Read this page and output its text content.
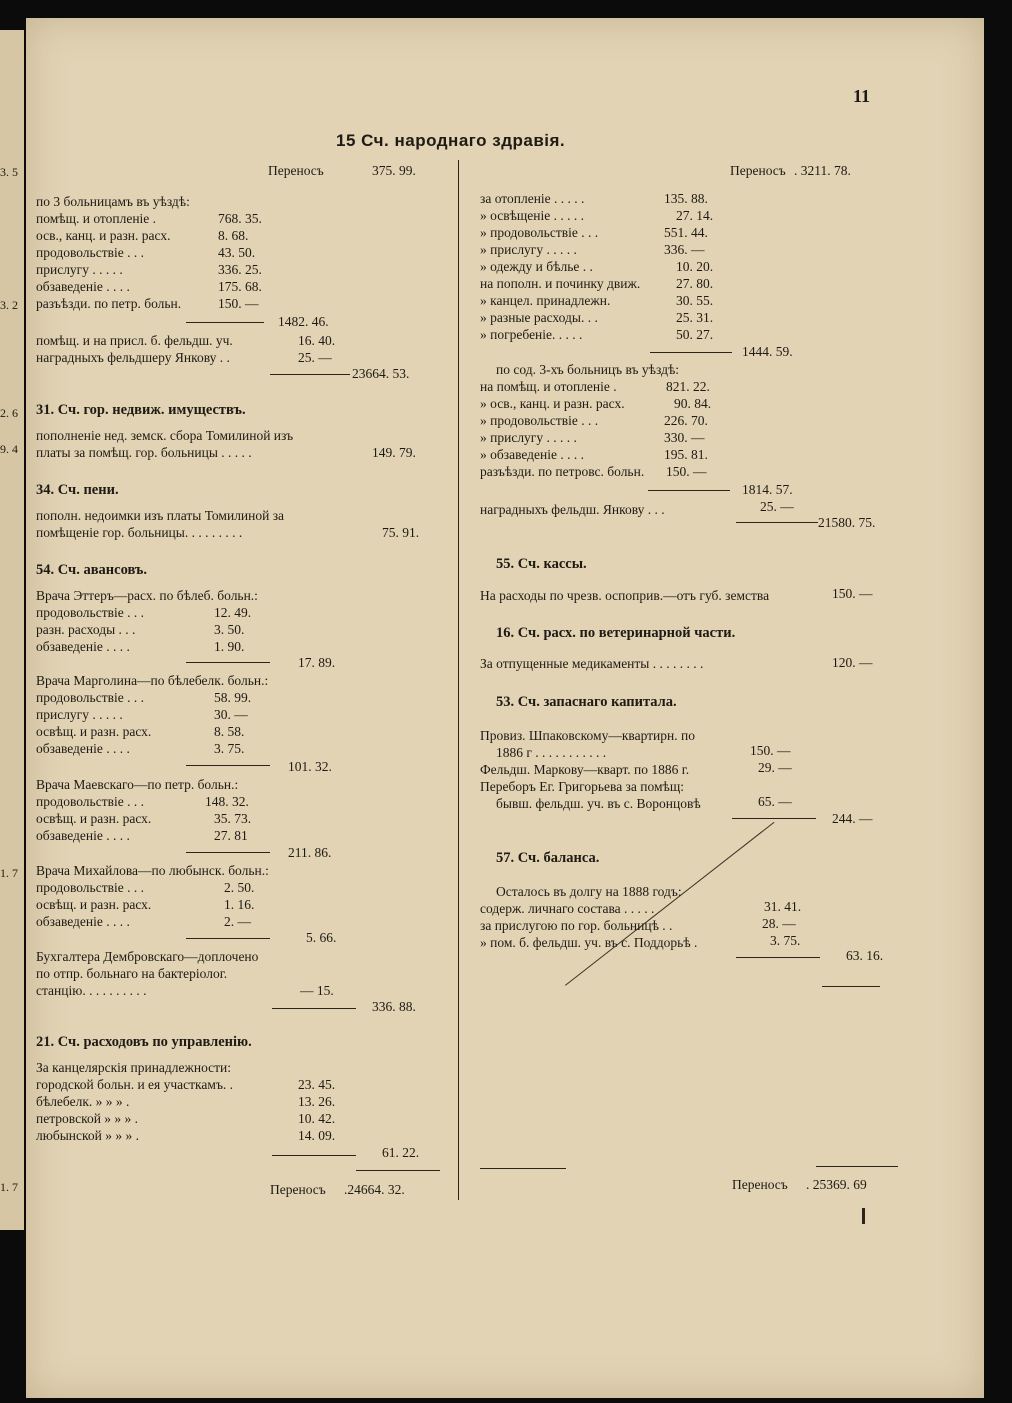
3. 5
3. 2
2. 6
9. 4
1. 7
1. 7
11
15 Сч. народнаго здравія.
Переносъ	375. 99.
по 3 больницамъ въ уѣздѣ:
помѣщ. и отопленіе .	768. 35.
осв., канц. и разн. расх.	8. 68.
продовольствіе . . .	43. 50.
прислугу . . . . .	336. 25.
обзаведеніе . . . .	175. 68.
разъѣзди. по петр. больн.	150. —
1482. 46.
помѣщ. и на присл. б. фельдш. уч.	16. 40.
наградныхъ фельдшеру Янкову . .	25. —
23664. 53.
31. Сч. гор. недвиж. имуществъ.
пополненіе нед. земск. сбора Томилиной изъ
платы за помѣщ. гор. больницы . . . . .	149. 79.
34. Сч. пени.
пополн. недоимки изъ платы Томилиной за
помѣщеніе гор. больницы. . . . . . . . .	75. 91.
54. Сч. авансовъ.
Врача Эттеръ—расх. по бѣлеб. больн.:
продовольствіе . . .	12. 49.
разн. расходы . . .	3. 50.
обзаведеніе . . . .	1. 90.
17. 89.
Врача Марголина—по бѣлебелк. больн.:
продовольствіе . . .	58. 99.
прислугу . . . . .	30. —
освѣщ. и разн. расх.	8. 58.
обзаведеніе . . . .	3. 75.
101. 32.
Врача Маевскаго—по петр. больн.:
продовольствіе . . .	148. 32.
освѣщ. и разн. расх.	35. 73.
обзаведеніе . . . .	27. 81
211. 86.
Врача Михайлова—по любынск. больн.:
продовольствіе . . .	2. 50.
освѣщ. и разн. расх.	1. 16.
обзаведеніе . . . .	2. —
5. 66.
Бухгалтера Дембровскаго—доплочено
по отпр. больнаго на бактеріолог.
станцію. . . . . . . . . .	— 15.
336. 88.
21. Сч. расходовъ по управленію.
За канцелярскія принадлежности:
городской больн. и ея участкамъ. .	23. 45.
бѣлебелк. » » » .	13. 26.
петровской » » » .	10. 42.
любынской » » » .	14. 09.
61. 22.
Переносъ .24664. 32.
Переносъ . 3211. 78.
за отопленіе . . . . .	135. 88.
» освѣщеніе . . . . .	27. 14.
» продовольствіе . . .	551. 44.
» прислугу . . . . .	336. —
» одежду и бѣлье . .	10. 20.
на пополн. и починку движ.	27. 80.
» канцел. принадлежн.	30. 55.
» разные расходы. . .	25. 31.
» погребеніе. . . . .	50. 27.
1444. 59.
по сод. 3-хъ больницъ въ уѣздѣ:
на помѣщ. и отопленіе .	821. 22.
» осв., канц. и разн. расх.	90. 84.
» продовольствіе . . .	226. 70.
» прислугу . . . . .	330. —
» обзаведеніе . . . .	195. 81.
разъѣзди. по петровс. больн. 150. —
1814. 57.
наградныхъ фельдш. Янкову . . .	25. —
21580. 75.
55. Сч. кассы.
На расходы по чрезв. оспоприв.—отъ губ. земства	150. —
16. Сч. расх. по ветеринарной части.
За отпущенные медикаменты . . . . . . . .	120. —
53. Сч. запаснаго капитала.
Провиз. Шпаковскому—квартирн. по
1886 г . . . . . . . . . . .	150. —
Фельдш. Маркову—кварт. по 1886 г.	29. —
Переборъ Ег. Григорьева за помѣщ:
бывш. фельдш. уч. въ с. Воронцовѣ	65. —
244. —
57. Сч. баланса.
Осталось въ долгу на 1888 годъ:
содерж. личнаго состава . . . . .	31. 41.
за прислугою по гор. больницѣ . .	28. —
» пом. б. фельдш. уч. въ с. Поддорьѣ .	3. 75.
63. 16.
Переносъ . 25369. 69
